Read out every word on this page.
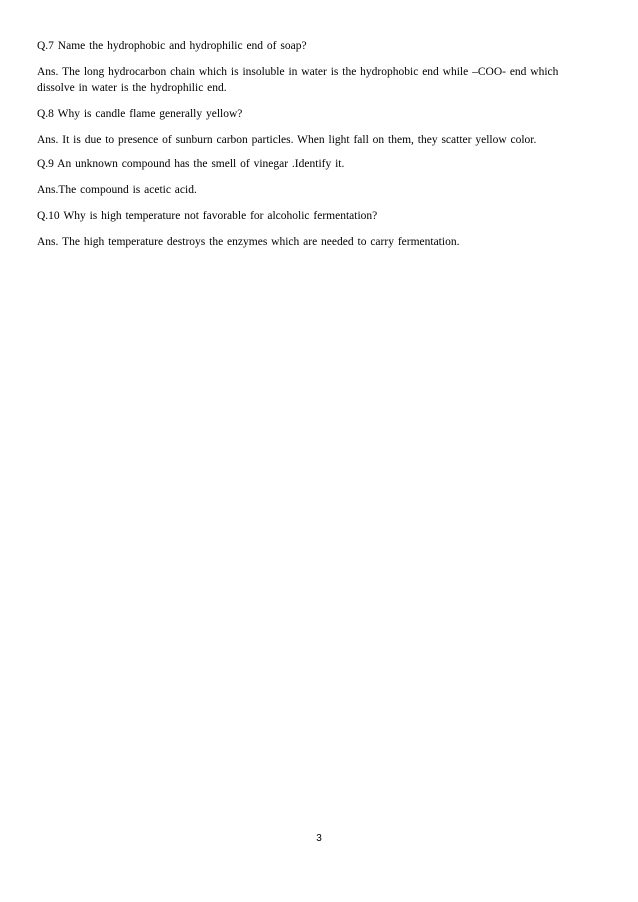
Q.7 Name the hydrophobic and hydrophilic end of soap?

Ans. The long hydrocarbon chain which is insoluble in water is the hydrophobic end while –COO- end which dissolve in water is the hydrophilic end.

Q.8 Why is candle flame generally yellow?

Ans. It is due to presence of sunburn carbon particles. When light fall on them, they scatter yellow color.

Q.9 An unknown compound has the smell of vinegar .Identify it.

Ans.The compound is acetic acid.

Q.10 Why is high temperature not favorable for alcoholic fermentation?

Ans. The high temperature destroys the enzymes which are needed to carry fermentation.

3
